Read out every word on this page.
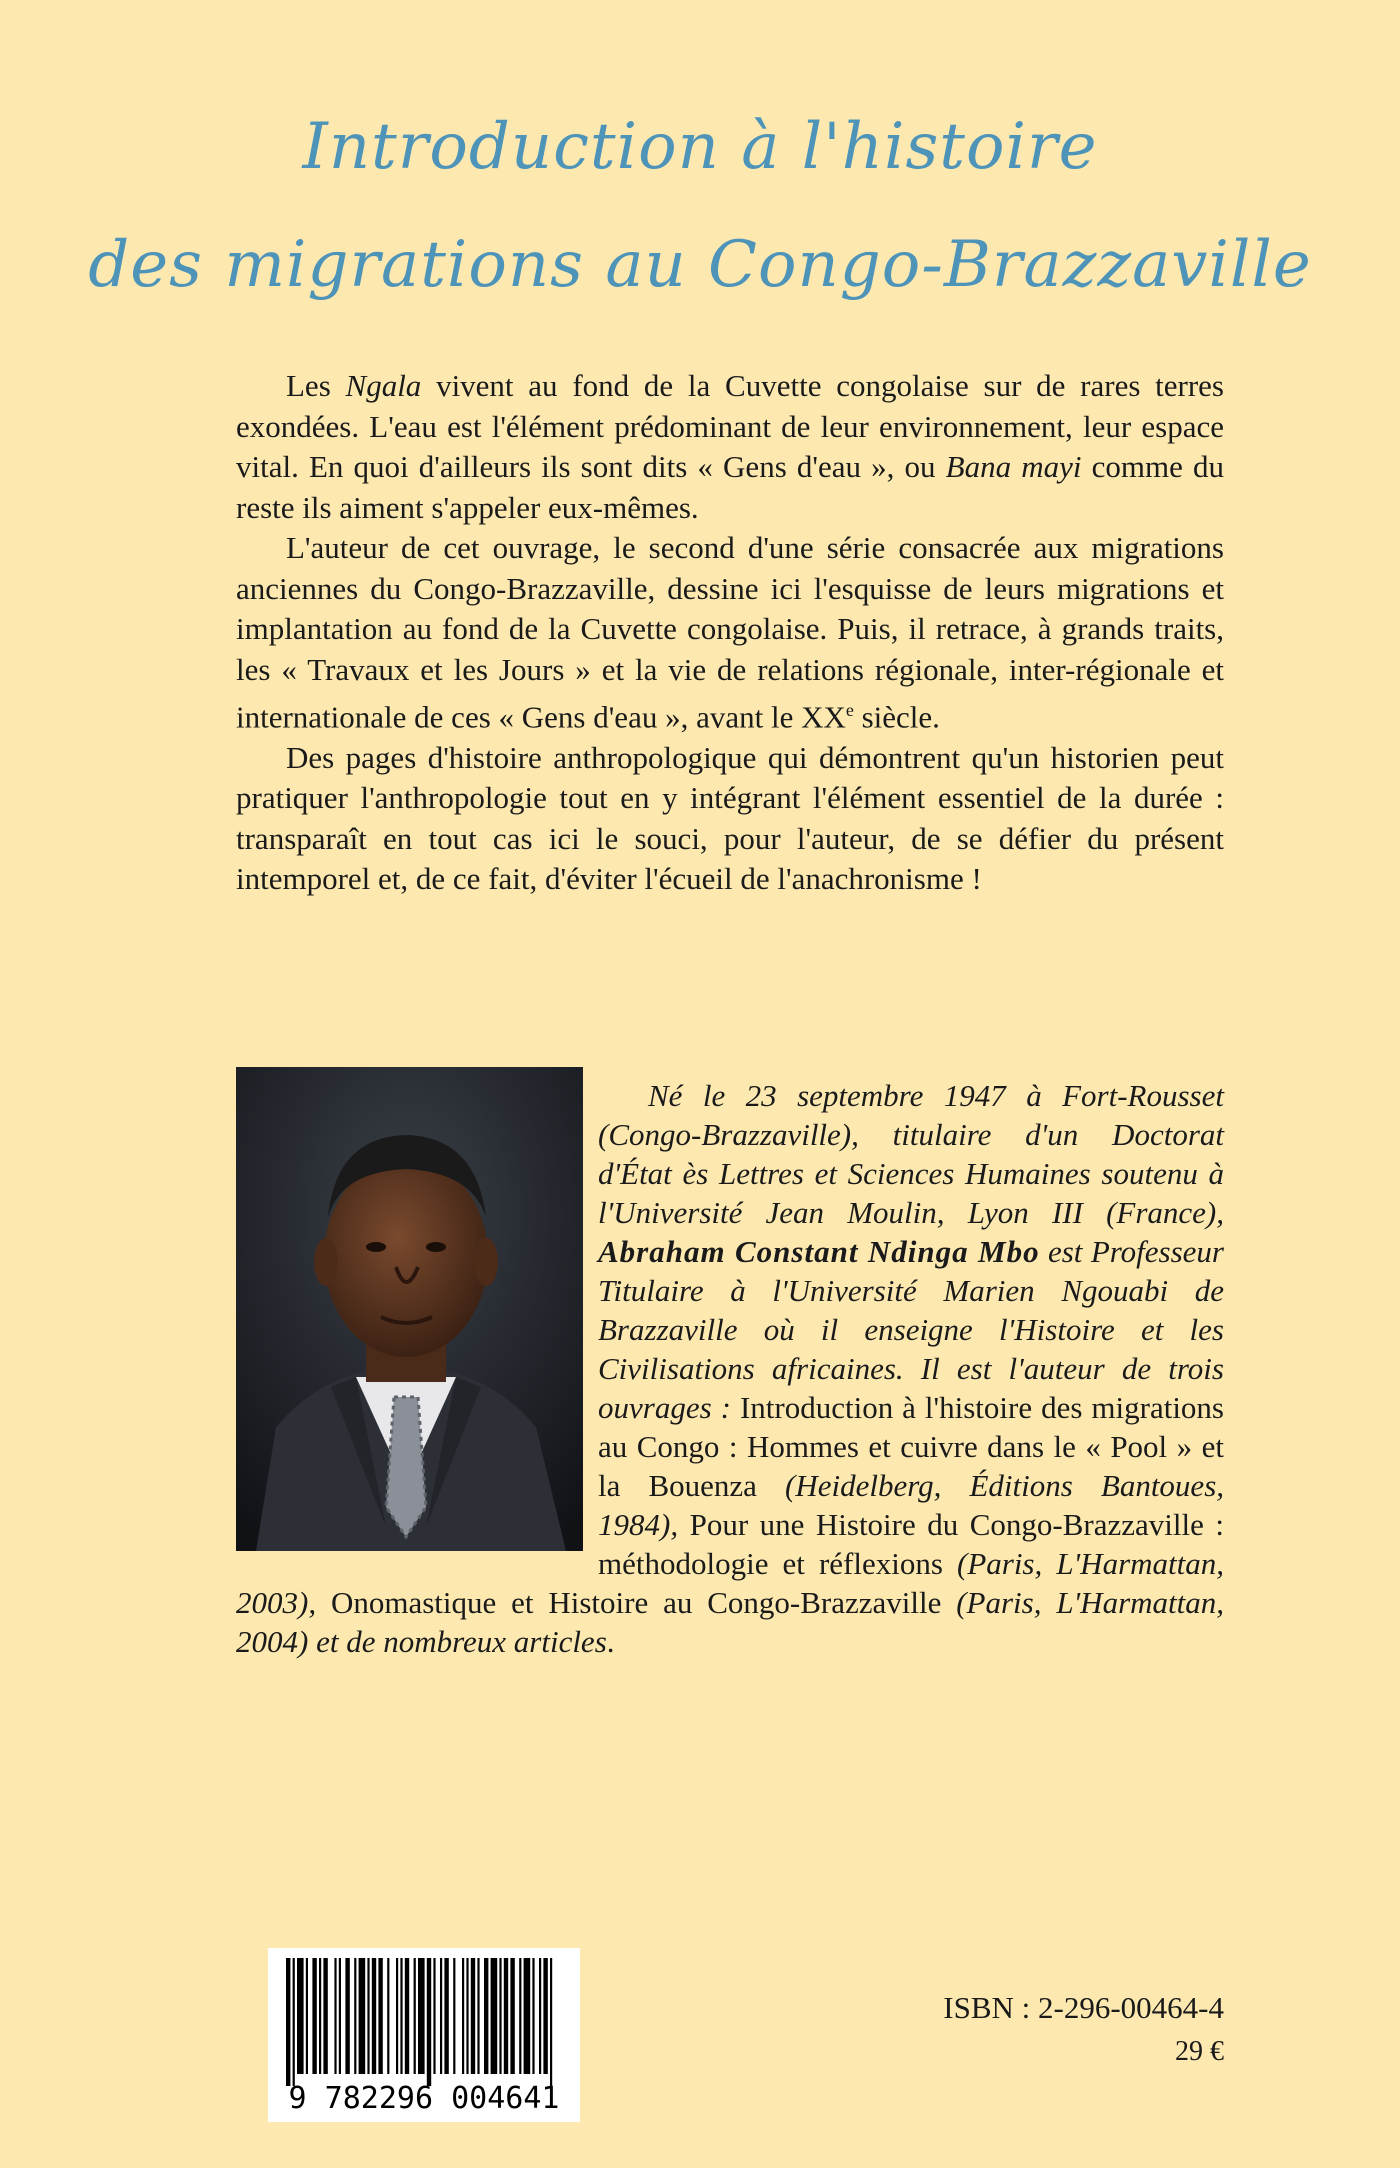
Introduction à l'histoire
des migrations au Congo-Brazzaville

Les Ngala vivent au fond de la Cuvette congolaise sur de rares terres exondées. L'eau est l'élément prédominant de leur environnement, leur espace vital. En quoi d'ailleurs ils sont dits « Gens d'eau », ou Bana mayi comme du reste ils aiment s'appeler eux-mêmes.

L'auteur de cet ouvrage, le second d'une série consacrée aux migrations anciennes du Congo-Brazzaville, dessine ici l'esquisse de leurs migrations et implantation au fond de la Cuvette congolaise. Puis, il retrace, à grands traits, les « Travaux et les Jours » et la vie de relations régionale, inter-régionale et internationale de ces « Gens d'eau », avant le XXe siècle.

Des pages d'histoire anthropologique qui démontrent qu'un historien peut pratiquer l'anthropologie tout en y intégrant l'élément essentiel de la durée : transparaît en tout cas ici le souci, pour l'auteur, de se défier du présent intemporel et, de ce fait, d'éviter l'écueil de l'anachronisme !

Né le 23 septembre 1947 à Fort-Rousset (Congo-Brazzaville), titulaire d'un Doctorat d'État ès Lettres et Sciences Humaines soutenu à l'Université Jean Moulin, Lyon III (France), Abraham Constant Ndinga Mbo est Professeur Titulaire à l'Université Marien Ngouabi de Brazzaville où il enseigne l'Histoire et les Civilisations africaines. Il est l'auteur de trois ouvrages : Introduction à l'histoire des migrations au Congo : Hommes et cuivre dans le « Pool » et la Bouenza (Heidelberg, Éditions Bantoues, 1984), Pour une Histoire du Congo-Brazzaville : méthodologie et réflexions (Paris, L'Harmattan, 2003), Onomastique et Histoire au Congo-Brazzaville (Paris, L'Harmattan, 2004) et de nombreux articles.
9 782296 004641
ISBN : 2-296-00464-4
29 €
